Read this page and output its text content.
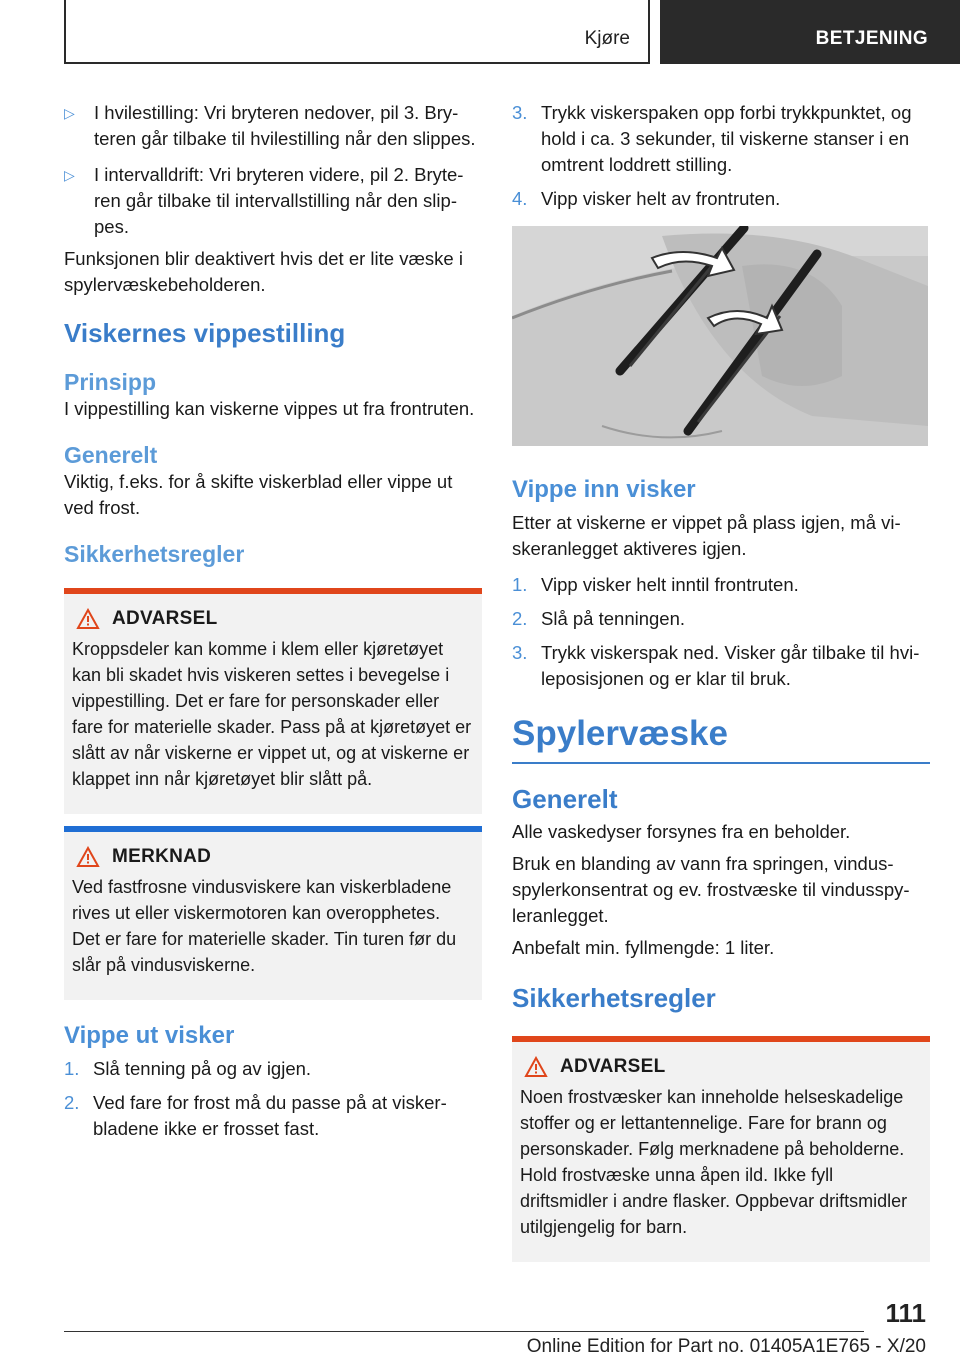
Kjøre	BETJENING
▷ I hvilestilling: Vri bryteren nedover, pil 3. Bryteren går tilbake til hvilestilling når den slippes.
▷ I intervalldrift: Vri bryteren videre, pil 2. Bryteren går tilbake til intervallstilling når den slippes.

Funksjonen blir deaktivert hvis det er lite væske i spylervæskebeholderen.

Viskernes vippestilling
Prinsipp

I vippestilling kan viskerne vippes ut fra frontruten.

Generelt

Viktig, f.eks. for å skifte viskerblad eller vippe ut ved frost.

Sikkerhetsregler
ADVARSEL

Kroppsdeler kan komme i klem eller kjøretøyet kan bli skadet hvis viskeren settes i bevegelse i vippestilling. Det er fare for personskader eller fare for materielle skader. Pass på at kjøretøyet er slått av når viskerne er vippet ut, og at viskerne er klappet inn når kjøretøyet blir slått på.

MERKNAD

Ved fastfrosne vindusviskere kan viskerbladene rives ut eller viskermotoren kan overopphetes. Det er fare for materielle skader. Tin turen før du slår på vindusviskerne.

Vippe ut visker
1. Slå tenning på og av igjen.
2. Ved fare for frost må du passe på at viskerbladene ikke er frosset fast.
3. Trykk viskerspaken opp forbi trykkpunktet, og hold i ca. 3 sekunder, til viskerne stanser i en omtrent loddrett stilling.
4. Vipp visker helt av frontruten.
Vippe inn visker

Etter at viskerne er vippet på plass igjen, må viskeranlegget aktiveres igjen.

1. Vipp visker helt inntil frontruten.
2. Slå på tenningen.
3. Trykk viskerspak ned. Visker går tilbake til hvileposisjonen og er klar til bruk.
Spylervæske
Generelt

Alle vaskedyser forsynes fra en beholder.

Bruk en blanding av vann fra springen, vindusspylerkonsentrat og ev. frostvæske til vindusspyleranlegget.

Anbefalt min. fyllmengde: 1 liter.

Sikkerhetsregler
ADVARSEL

Noen frostvæsker kan inneholde helseskadelige stoffer og er lettantennelige. Fare for brann og personskader. Følg merknadene på beholderne. Hold frostvæske unna åpen ild. Ikke fyll driftsmidler i andre flasker. Oppbevar driftsmidler utilgjengelig for barn.

111
Online Edition for Part no. 01405A1E765 - X/20
